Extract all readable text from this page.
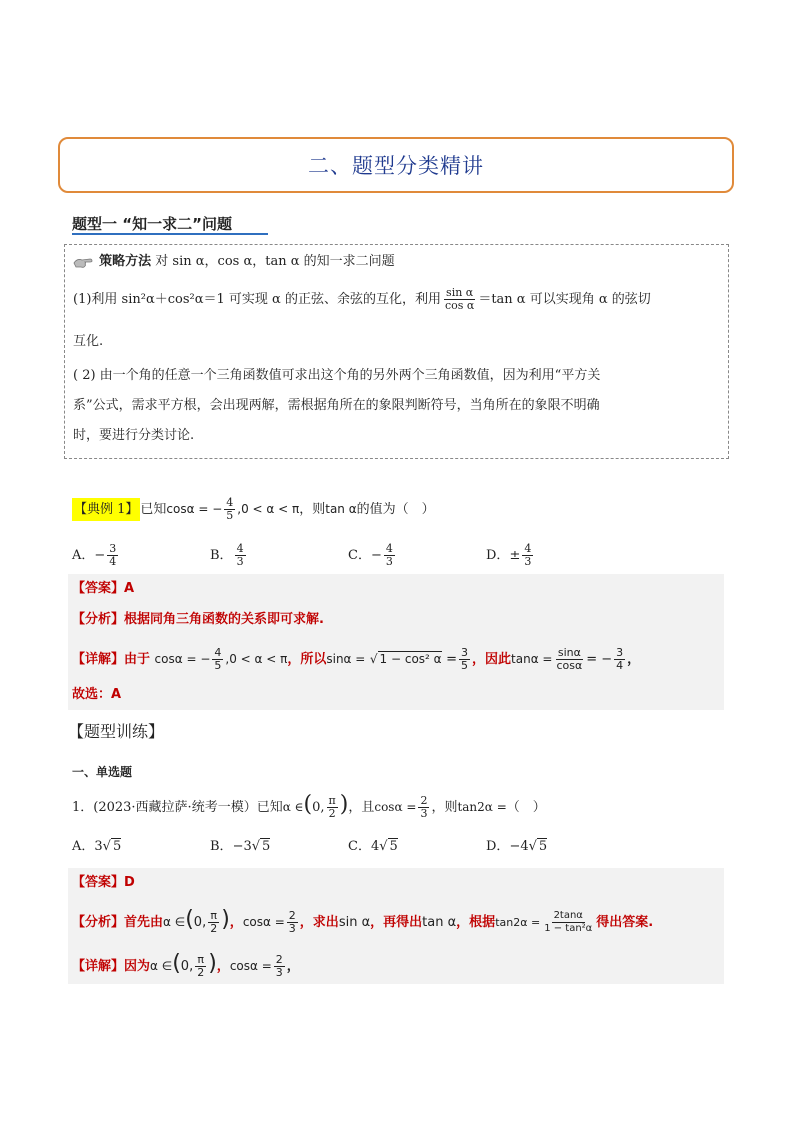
二、题型分类精讲
题型一 “知一求二”问题
策略方法 对 sin α，cos α，tan α 的知一求二问题
(1)利用 sin²α＋cos²α＝1 可实现 α 的正弦、余弦的互化，利用 $\frac{\text{sin α}}{\text{cos α}} =\tan$ α 可以实现角 α 的弦切
互化.
( 2) 由一个角的任意一个三角函数值可求出这个角的另外两个三角函数值，因为利用“平方关
系”公式，需求平方根，会出现两解，需根据角所在的象限判断符号，当角所在的象限不明确
时，要进行分类讨论.
【典例 1】 已知cosα = − $\frac{4}{5} ,0 < \alpha < \pi$，则tan α的值为（　）
A．− $\frac{3}{4}$	B． $\frac{4}{3}$	C．− $\frac{4}{3}$	D．± $\frac{4}{3}$
【答案】A
【分析】根据同角三角函数的关系即可求解.
【详解】由于 cosα = − $\frac{4}{5} ,0 < \alpha < \pi$，所以sinα = √ 1 − cos² $\alpha = \frac{3}{5}$ ，因此$\tan\alpha = \frac{\sin\alpha}{\cos\alpha}$ = − $\frac{3}{4}$ ，
故选：A
【题型训练】
一、单选题
1．(2023·西藏拉萨·统考一模）已知α ∈(0, $\frac{\pi}{2}$ )，且$\cos\alpha = \frac{2}{3}$ ，则tan2α =（　）
A．3√ 5	B．−3√ 5	C．4√ 5	D．−4√ 5
【答案】D
【分析】首先由α ∈(0, $\frac{\pi}{2}$ )，$\cos\alpha = \frac{2}{3}$ ，求出sin α，再得出tan α，根据$\tan 2\alpha = \frac{2\tan\alpha}{\text{1 − tan²α}}$ 得出答案.
【详解】因为α ∈(0, $\frac{\pi}{2}$ )，$\cos\alpha = \frac{2}{3}$ ，
